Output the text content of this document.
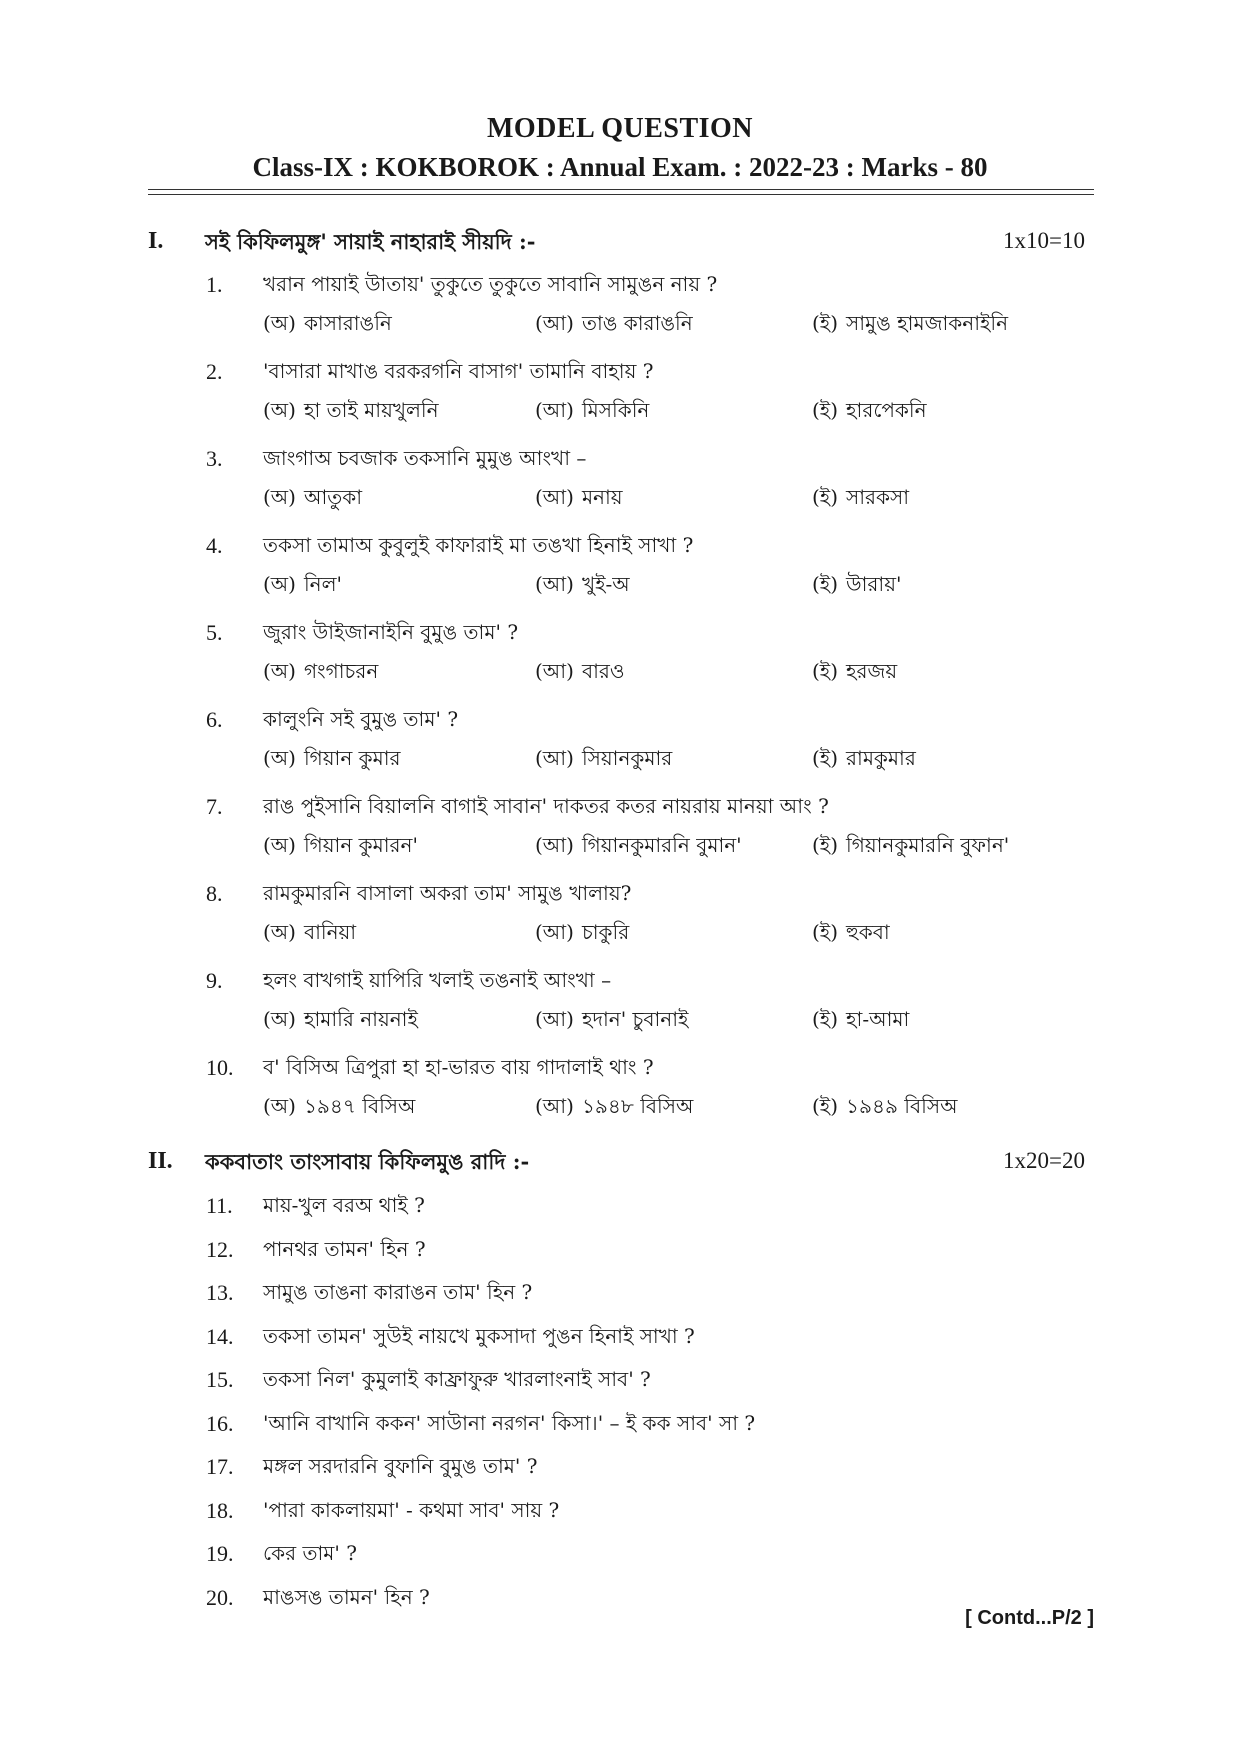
MODEL QUESTION
Class-IX : KOKBOROK : Annual Exam. : 2022-23 : Marks - 80
I. সই কিফিলমুঙ্গ' সায়াই নাহারাই সীয়দি :-	1x10=10
1. খরান পায়াই উাতায়' তুকুতে তুকুতে সাবানি সামুঙন নায় ?
(অ) কাসারাঙনি	(আ) তাঙ কারাঙনি	(ই) সামুঙ হামজাকনাইনি
2. 'বাসারা মাখাঙ বরকরগনি বাসাগ' তামানি বাহায় ?
(অ) হা তাই মায়খুলনি	(আ) মিসকিনি	(ই) হারপেকনি
3. জাংগাঅ চবজাক তকসানি মুমুঙ আংখা –
(অ) আতুকা	(আ) মনায়	(ই) সারকসা
4. তকসা তামাঅ কুবুলুই কাফারাই মা তঙখা হিনাই সাখা ?
(অ) নিল'	(আ) খুই-অ	(ই) উারায়'
5. জুরাং উাইজানাইনি বুমুঙ তাম' ?
(অ) গংগাচরন	(আ) বারও	(ই) হরজয়
6. কালুংনি সই বুমুঙ তাম' ?
(অ) গিয়ান কুমার	(আ) সিয়ানকুমার	(ই) রামকুমার
7. রাঙ পুইসানি বিয়ালনি বাগাই সাবান' দাকতর কতর নায়রায় মানয়া আং ?
(অ) গিয়ান কুমারন'	(আ) গিয়ানকুমারনি বুমান'	(ই) গিয়ানকুমারনি বুফান'
8. রামকুমারনি বাসালা অকরা তাম' সামুঙ খালায়?
(অ) বানিয়া	(আ) চাকুরি	(ই) হুকবা
9. হলং বাখগাই য়াপিরি খলাই তঙনাই আংখা –
(অ) হামারি নায়নাই	(আ) হদান' চুবানাই	(ই) হা-আমা
10. ব' বিসিঅ ত্রিপুরা হা হা-ভারত বায় গাদালাই থাং ?
(অ) ১৯৪৭ বিসিঅ	(আ) ১৯৪৮ বিসিঅ	(ই) ১৯৪৯ বিসিঅ
II. ককবাতাং তাংসাবায় কিফিলমুঙ রাদি :-	1x20=20
11. মায়-খুল বরঅ থাই ?
12. পানথর তামন' হিন ?
13. সামুঙ তাঙনা কারাঙন তাম' হিন ?
14. তকসা তামন' সুউই নায়খে মুকসাদা পুঙন হিনাই সাখা ?
15. তকসা নিল' কুমুলাই কাফ্রাফুরু খারলাংনাই সাব' ?
16. 'আনি বাখানি ককন' সাউানা নরগন' কিসা।' – ই কক সাব' সা ?
17. মঙ্গল সরদারনি বুফানি বুমুঙ তাম' ?
18. 'পারা কাকলায়মা' - কথমা সাব' সায় ?
19. কের তাম' ?
20. মাঙসঙ তামন' হিন ?
[ Contd...P/2 ]
